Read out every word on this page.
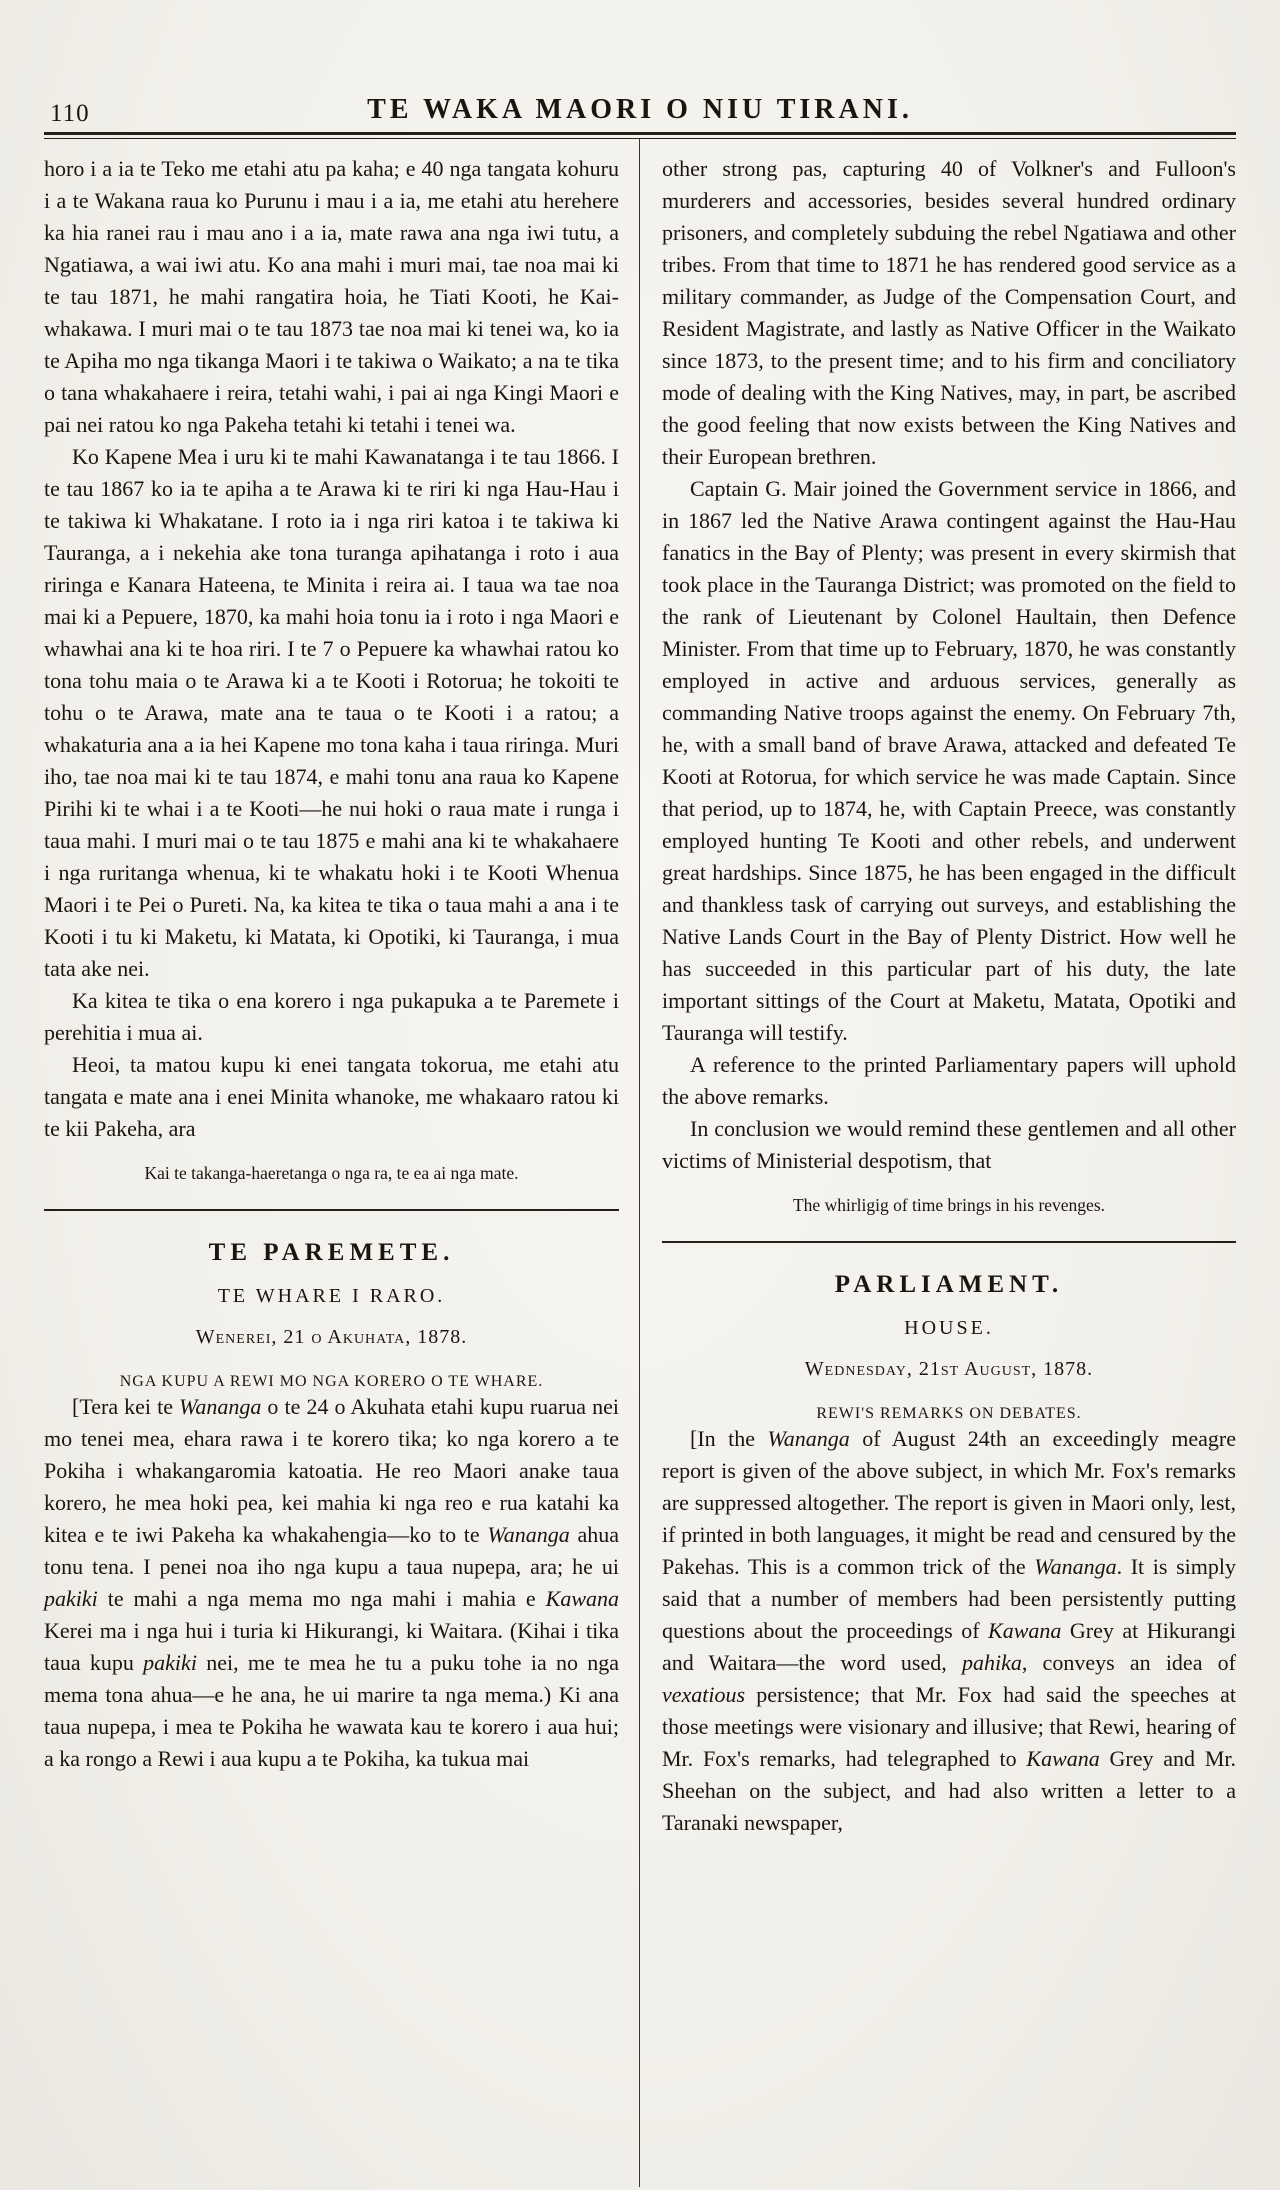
110	TE WAKA MAORI O NIU TIRANI.

horo i a ia te Teko me etahi atu pa kaha; e 40 nga tangata kohuru i a te Wakana raua ko Purunu i mau i a ia, me etahi atu herehere ka hia ranei rau i mau ano i a ia, mate rawa ana nga iwi tutu, a Ngatiawa, a wai iwi atu. Ko ana mahi i muri mai, tae noa mai ki te tau 1871, he mahi rangatira hoia, he Tiati Kooti, he Kai-whakawa. I muri mai o te tau 1873 tae noa mai ki tenei wa, ko ia te Apiha mo nga tikanga Maori i te takiwa o Waikato; a na te tika o tana whakahaere i reira, tetahi wahi, i pai ai nga Kingi Maori e pai nei ratou ko nga Pakeha tetahi ki tetahi i tenei wa.

Ko Kapene Mea i uru ki te mahi Kawanatanga i te tau 1866. I te tau 1867 ko ia te apiha a te Arawa ki te riri ki nga Hau-Hau i te takiwa ki Whakatane. I roto ia i nga riri katoa i te takiwa ki Tauranga, a i nekehia ake tona turanga apihatanga i roto i aua riringa e Kanara Hateena, te Minita i reira ai. I taua wa tae noa mai ki a Pepuere, 1870, ka mahi hoia tonu ia i roto i nga Maori e whawhai ana ki te hoa riri. I te 7 o Pepuere ka whawhai ratou ko tona tohu maia o te Arawa ki a te Kooti i Rotorua; he tokoiti te tohu o te Arawa, mate ana te taua o te Kooti i a ratou; a whakaturia ana a ia hei Kapene mo tona kaha i taua riringa. Muri iho, tae noa mai ki te tau 1874, e mahi tonu ana raua ko Kapene Pirihi ki te whai i a te Kooti—he nui hoki o raua mate i runga i taua mahi. I muri mai o te tau 1875 e mahi ana ki te whakahaere i nga ruritanga whenua, ki te whakatu hoki i te Kooti Whenua Maori i te Pei o Pureti. Na, ka kitea te tika o taua mahi a ana i te Kooti i tu ki Maketu, ki Matata, ki Opotiki, ki Tauranga, i mua tata ake nei.

Ka kitea te tika o ena korero i nga pukapuka a te Paremete i perehitia i mua ai.

Heoi, ta matou kupu ki enei tangata tokorua, me etahi atu tangata e mate ana i enei Minita whanoke, me whakaaro ratou ki te kii Pakeha, ara

Kai te takanga-haeretanga o nga ra, te ea ai nga mate.

TE PAREMETE.
TE WHARE I RARO.
Wenerei, 21 o Akuhata, 1878.
NGA KUPU A REWI MO NGA KORERO O TE WHARE.

[Tera kei te Wananga o te 24 o Akuhata etahi kupu ruarua nei mo tenei mea, ehara rawa i te korero tika; ko nga korero a te Pokiha i whakangaromia katoatia. He reo Maori anake taua korero, he mea hoki pea, kei mahia ki nga reo e rua katahi ka kitea e te iwi Pakeha ka whakahengia—ko to te Wananga ahua tonu tena. I penei noa iho nga kupu a taua nupepa, ara; he ui pakiki te mahi a nga mema mo nga mahi i mahia e Kawana Kerei ma i nga hui i turia ki Hikurangi, ki Waitara. (Kihai i tika taua kupu pakiki nei, me te mea he tu a puku tohe ia no nga mema tona ahua—e he ana, he ui marire ta nga mema.) Ki ana taua nupepa, i mea te Pokiha he wawata kau te korero i aua hui; a ka rongo a Rewi i aua kupu a te Pokiha, ka tukua mai

other strong pas, capturing 40 of Volkner's and Fulloon's murderers and accessories, besides several hundred ordinary prisoners, and completely subduing the rebel Ngatiawa and other tribes. From that time to 1871 he has rendered good service as a military commander, as Judge of the Compensation Court, and Resident Magistrate, and lastly as Native Officer in the Waikato since 1873, to the present time; and to his firm and conciliatory mode of dealing with the King Natives, may, in part, be ascribed the good feeling that now exists between the King Natives and their European brethren.

Captain G. Mair joined the Government service in 1866, and in 1867 led the Native Arawa contingent against the Hau-Hau fanatics in the Bay of Plenty; was present in every skirmish that took place in the Tauranga District; was promoted on the field to the rank of Lieutenant by Colonel Haultain, then Defence Minister. From that time up to February, 1870, he was constantly employed in active and arduous services, generally as commanding Native troops against the enemy. On February 7th, he, with a small band of brave Arawa, attacked and defeated Te Kooti at Rotorua, for which service he was made Captain. Since that period, up to 1874, he, with Captain Preece, was constantly employed hunting Te Kooti and other rebels, and underwent great hardships. Since 1875, he has been engaged in the difficult and thankless task of carrying out surveys, and establishing the Native Lands Court in the Bay of Plenty District. How well he has succeeded in this particular part of his duty, the late important sittings of the Court at Maketu, Matata, Opotiki and Tauranga will testify.

A reference to the printed Parliamentary papers will uphold the above remarks.

In conclusion we would remind these gentlemen and all other victims of Ministerial despotism, that

The whirligig of time brings in his revenges.

PARLIAMENT.
HOUSE.
Wednesday, 21st August, 1878.
REWI'S REMARKS ON DEBATES.

[In the Wananga of August 24th an exceedingly meagre report is given of the above subject, in which Mr. Fox's remarks are suppressed altogether. The report is given in Maori only, lest, if printed in both languages, it might be read and censured by the Pakehas. This is a common trick of the Wananga. It is simply said that a number of members had been persistently putting questions about the proceedings of Kawana Grey at Hikurangi and Waitara—the word used, pahika, conveys an idea of vexatious persistence; that Mr. Fox had said the speeches at those meetings were visionary and illusive; that Rewi, hearing of Mr. Fox's remarks, had telegraphed to Kawana Grey and Mr. Sheehan on the subject, and had also written a letter to a Taranaki newspaper,
